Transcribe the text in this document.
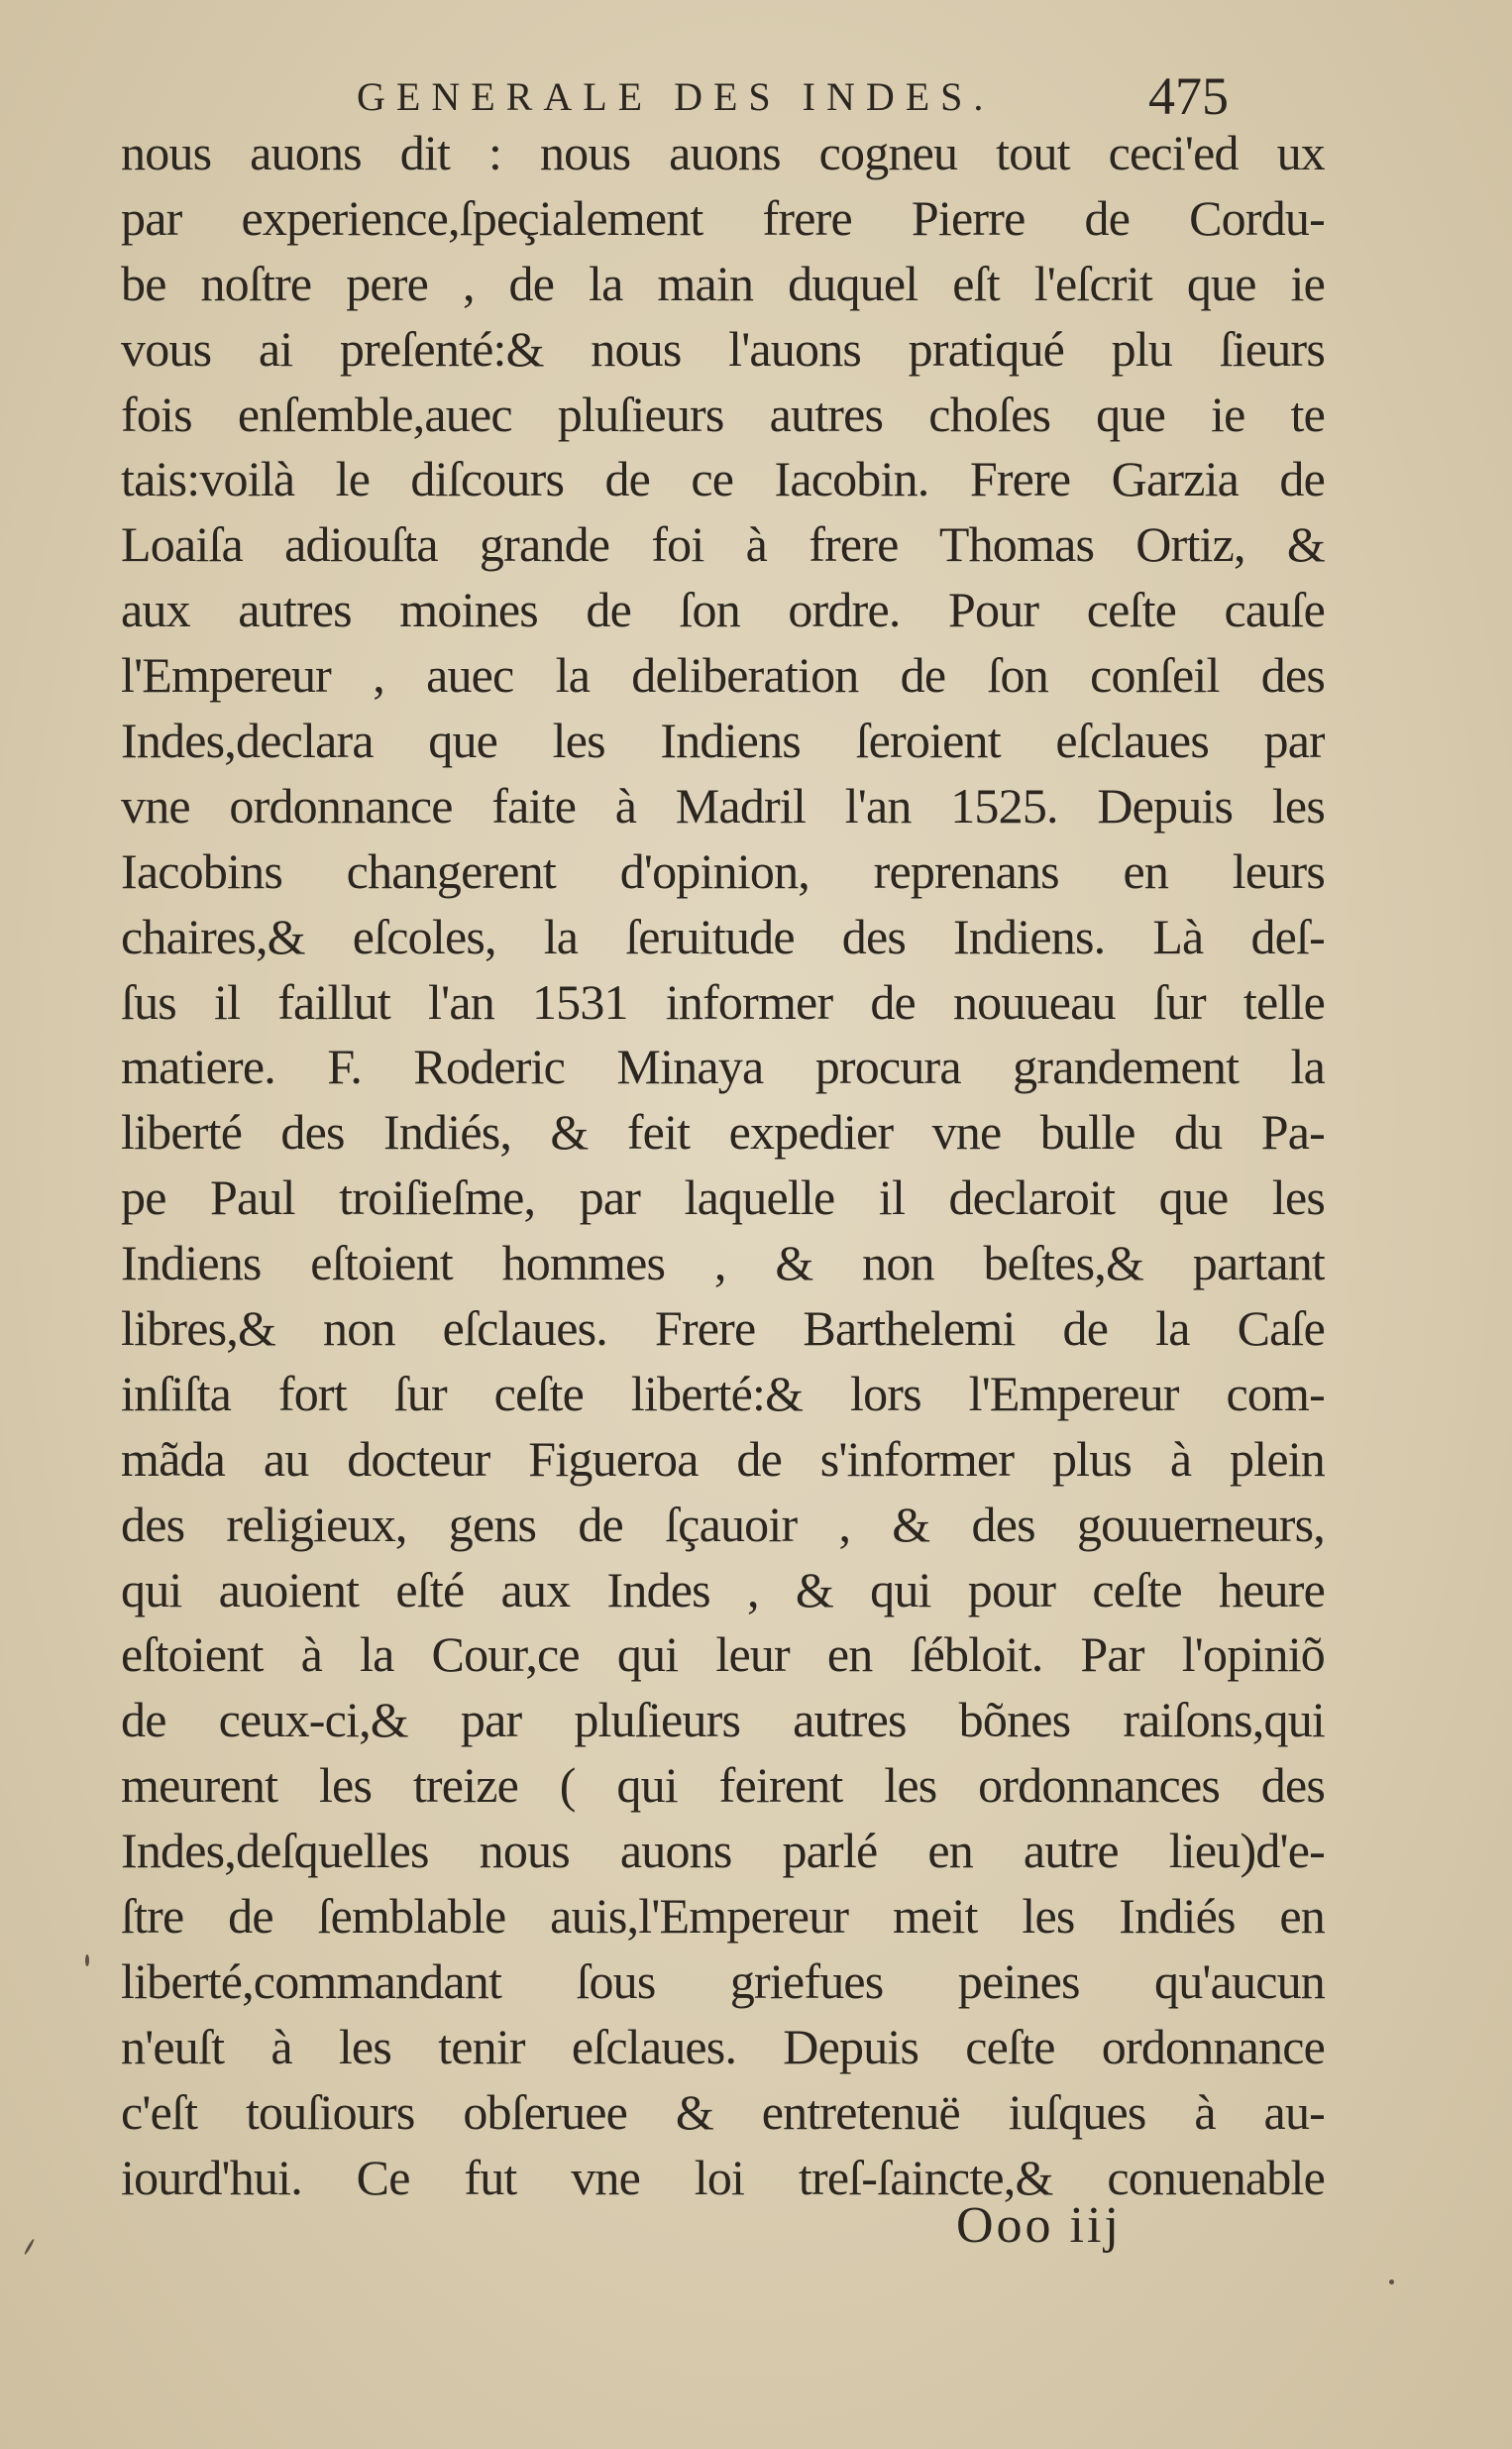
GENERALE DES INDES.	475
nous auons dit : nous auons cogneu tout ceci'ed ux
par experience,ſpeçialement frere Pierre de Cordu-
be noſtre pere , de la main duquel eſt l'eſcrit que ie
vous ai preſenté:& nous l'auons pratiqué plu ſieurs
fois enſemble,auec pluſieurs autres choſes que ie te
tais:voilà le diſcours de ce Iacobin. Frere Garzia de
Loaiſa adiouſta grande foi à frere Thomas Ortiz, &
aux autres moines de ſon ordre. Pour ceſte cauſe
l'Empereur , auec la deliberation de ſon conſeil des
Indes,declara que les Indiens ſeroient eſclaues par
vne ordonnance faite à Madril l'an 1525. Depuis les
Iacobins changerent d'opinion, reprenans en leurs
chaires,& eſcoles, la ſeruitude des Indiens. Là deſ-
ſus il faillut l'an 1531 informer de nouueau ſur telle
matiere. F. Roderic Minaya procura grandement la
liberté des Indiés, & feit expedier vne bulle du Pa-
pe Paul troiſieſme, par laquelle il declaroit que les
Indiens eſtoient hommes , & non beſtes,& partant
libres,& non eſclaues. Frere Barthelemi de la Caſe
inſiſta fort ſur ceſte liberté:& lors l'Empereur com-
mãda au docteur Figueroa de s'informer plus à plein
des religieux, gens de ſçauoir , & des gouuerneurs,
qui auoient eſté aux Indes , & qui pour ceſte heure
eſtoient à la Cour,ce qui leur en ſébloit. Par l'opiniõ
de ceux-ci,& par pluſieurs autres bõnes raiſons,qui
meurent les treize ( qui feirent les ordonnances des
Indes,deſquelles nous auons parlé en autre lieu)d'e-
ſtre de ſemblable auis,l'Empereur meit les Indiés en
liberté,commandant ſous griefues peines qu'aucun
n'euſt à les tenir eſclaues. Depuis ceſte ordonnance
c'eſt touſiours obſeruee & entretenuë iuſques à au-
iourd'hui. Ce fut vne loi treſ-ſaincte,& conuenable
Ooo iij
